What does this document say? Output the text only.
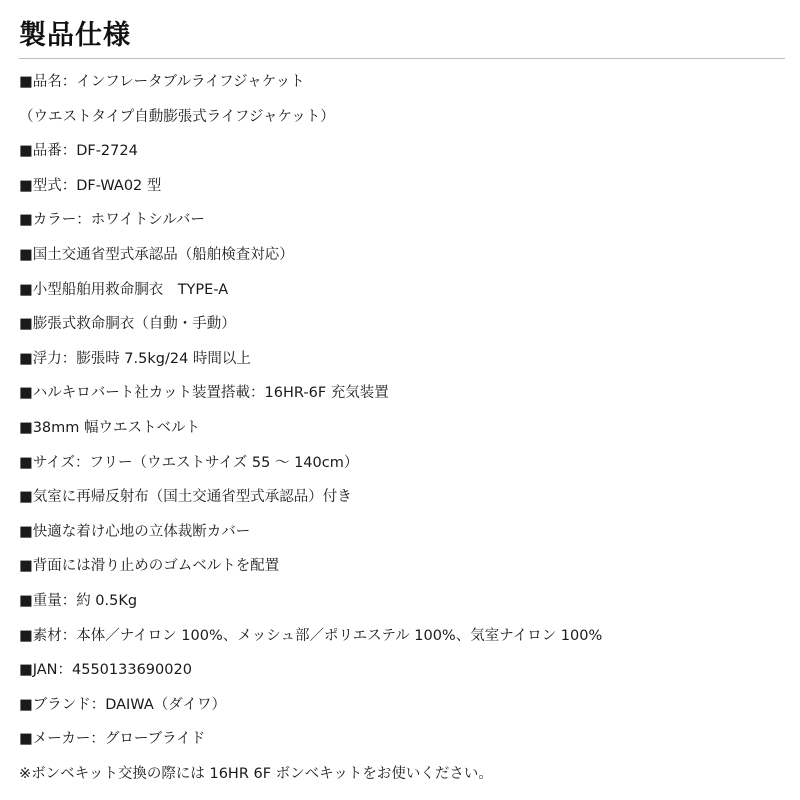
製品仕様
■品名：インフレータブルライフジャケット
（ウエストタイプ自動膨張式ライフジャケット）
■品番：DF-2724
■型式：DF-WA02 型
■カラー：ホワイトシルバー
■国土交通省型式承認品（船舶検査対応）
■小型船舶用救命胴衣　TYPE-A
■膨張式救命胴衣（自動・手動）
■浮力：膨張時 7.5kg/24 時間以上
■ハルキロバート社カット装置搭載：16HR-6F 充気装置
■38mm 幅ウエストベルト
■サイズ：フリー（ウエストサイズ 55 〜 140cm）
■気室に再帰反射布（国土交通省型式承認品）付き
■快適な着け心地の立体裁断カバー
■背面には滑り止めのゴムベルトを配置
■重量：約 0.5Kg
■素材：本体／ナイロン 100%、メッシュ部／ポリエステル 100%、気室ナイロン 100%
■JAN：4550133690020
■ブランド：DAIWA（ダイワ）
■メーカー：グローブライド
※ボンベキット交換の際には 16HR 6F ボンベキットをお使いください。
